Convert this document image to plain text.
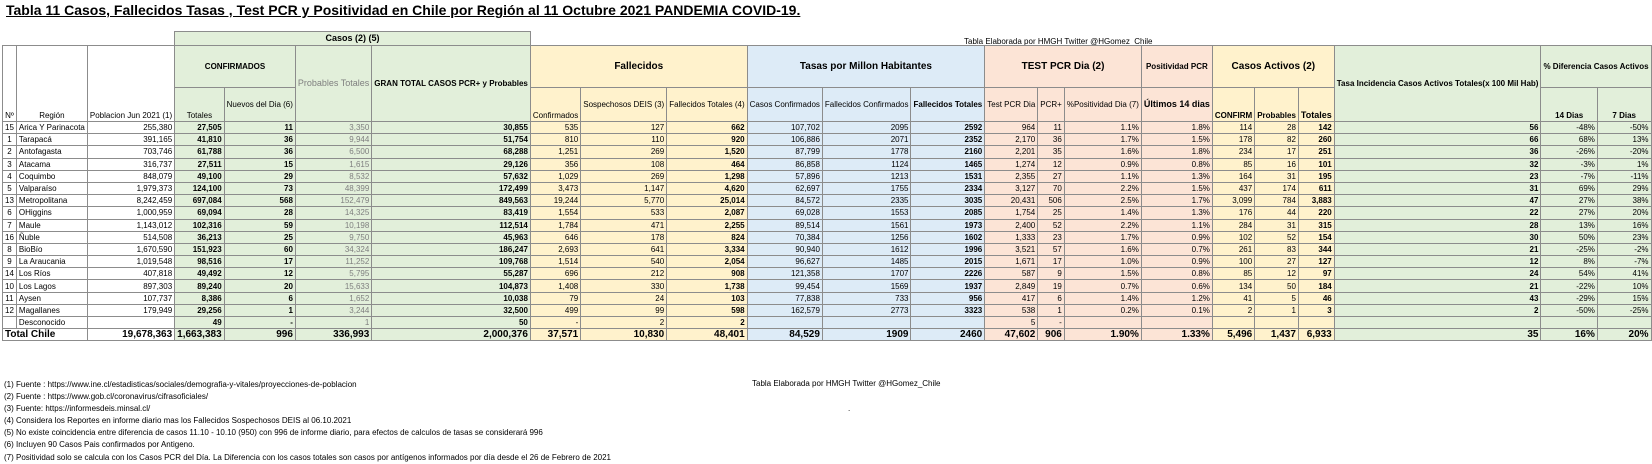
Tabla 11 Casos, Fallecidos Tasas , Test PCR y Positividad en Chile por Región al 11 Octubre 2021 PANDEMIA COVID-19.
Tabla Elaborada por HMGH Twitter @HGomez_Chile
			Casos (2) (5)																			
Nº	Región	Poblacion Jun 2021 (1)	CONFIRMADOS		Probables Totales	GRAN TOTAL CASOS PCR+ y Probables	Fallecidos			Tasas por Millon Habitantes			TEST PCR Dia (2)			Positividad PCR	Casos Activos (2)			Tasa Incidencia Casos Activos Totales(x 100 Mil Hab)	% Diferencia Casos Activos	
			Totales	Nuevos del Dia (6)			Confirmados	Sospechosos DEIS (3)	Fallecidos Totales (4)	Casos Confirmados	Fallecidos Confirmados	Fallecidos Totales	Test PCR Dia	PCR+	%Positividad Dia (7)	Últimos 14 dias	CONFIRM	Probables	Totales		14 Dias	7 Dias
15	Arica Y Parinacota	255,380	27,505	11	3,350	30,855	535	127	662	107,702	2095	2592	964	11	1.1%	1.8%	114	28	142	56	-48%	-50%
1	Tarapacá	391,165	41,810	36	9,944	51,754	810	110	920	106,886	2071	2352	2,170	36	1.7%	1.5%	178	82	260	66	68%	13%
2	Antofagasta	703,746	61,788	36	6,500	68,288	1,251	269	1,520	87,799	1778	2160	2,201	35	1.6%	1.8%	234	17	251	36	-26%	-20%
3	Atacama	316,737	27,511	15	1,615	29,126	356	108	464	86,858	1124	1465	1,274	12	0.9%	0.8%	85	16	101	32	-3%	1%
4	Coquimbo	848,079	49,100	29	8,532	57,632	1,029	269	1,298	57,896	1213	1531	2,355	27	1.1%	1.3%	164	31	195	23	-7%	-11%
5	Valparaíso	1,979,373	124,100	73	48,399	172,499	3,473	1,147	4,620	62,697	1755	2334	3,127	70	2.2%	1.5%	437	174	611	31	69%	29%
13	Metropolitana	8,242,459	697,084	568	152,479	849,563	19,244	5,770	25,014	84,572	2335	3035	20,431	506	2.5%	1.7%	3,099	784	3,883	47	27%	38%
6	OHiggins	1,000,959	69,094	28	14,325	83,419	1,554	533	2,087	69,028	1553	2085	1,754	25	1.4%	1.3%	176	44	220	22	27%	20%
7	Maule	1,143,012	102,316	59	10,198	112,514	1,784	471	2,255	89,514	1561	1973	2,400	52	2.2%	1.1%	284	31	315	28	13%	16%
16	Ñuble	514,508	36,213	25	9,750	45,963	646	178	824	70,384	1256	1602	1,333	23	1.7%	0.9%	102	52	154	30	50%	23%
8	BioBío	1,670,590	151,923	60	34,324	186,247	2,693	641	3,334	90,940	1612	1996	3,521	57	1.6%	0.7%	261	83	344	21	-25%	-2%
9	La Araucania	1,019,548	98,516	17	11,252	109,768	1,514	540	2,054	96,627	1485	2015	1,671	17	1.0%	0.9%	100	27	127	12	8%	-7%
14	Los Ríos	407,818	49,492	12	5,795	55,287	696	212	908	121,358	1707	2226	587	9	1.5%	0.8%	85	12	97	24	54%	41%
10	Los Lagos	897,303	89,240	20	15,633	104,873	1,408	330	1,738	99,454	1569	1937	2,849	19	0.7%	0.6%	134	50	184	21	-22%	10%
11	Aysen	107,737	8,386	6	1,652	10,038	79	24	103	77,838	733	956	417	6	1.4%	1.2%	41	5	46	43	-29%	15%
12	Magallanes	179,949	29,256	1	3,244	32,500	499	99	598	162,579	2773	3323	538	1	0.2%	0.1%	2	1	3	2	-50%	-25%
	Desconocido		49	-	1	50	-	2	2				5	-								
Total Chile		19,678,363	1,663,383	996	336,993	2,000,376	37,571	10,830	48,401	84,529	1909	2460	47,602	906	1.90%	1.33%	5,496	1,437	6,933	35	16%	20%
(1) Fuente : https://www.ine.cl/estadisticas/sociales/demografia-y-vitales/proyecciones-de-poblacion
(2) Fuente : https://www.gob.cl/coronavirus/cifrasoficiales/
(3) Fuente: https://informesdeis.minsal.cl/
(4) Considera los Reportes en informe diario mas los Fallecidos Sospechosos DEIS al 06.10.2021
(5) No existe coincidencia entre diferencia de casos 11.10 - 10.10 (950) con 996 de informe diario, para efectos de calculos de tasas se considerará 996
(6) Incluyen 90 Casos Pais confirmados por Antigeno.
(7) Positividad solo se calcula con los Casos PCR del Día. La Diferencia con los casos totales son casos por antígenos informados por día desde el 26 de Febrero de 2021
Tabla Elaborada por HMGH Twitter @HGomez_Chile
.
